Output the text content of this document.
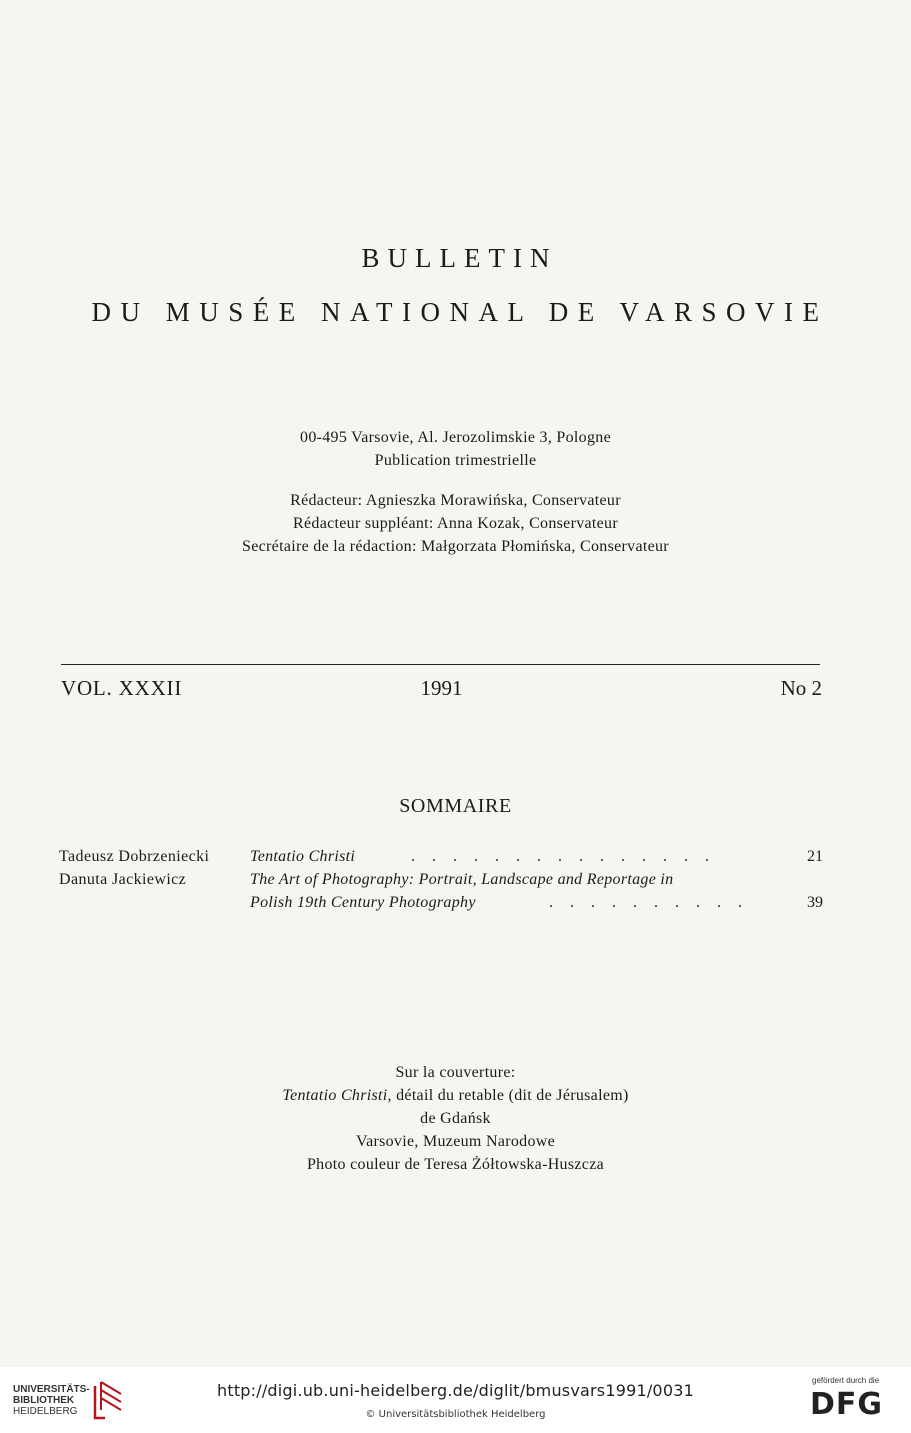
BULLETIN
DU MUSÉE NATIONAL DE VARSOVIE
00-495 Varsovie, Al. Jerozolimskie 3, Pologne
Publication trimestrielle
Rédacteur: Agnieszka Morawińska, Conservateur
Rédacteur suppléant: Anna Kozak, Conservateur
Secrétaire de la rédaction: Małgorzata Płomińska, Conservateur
VOL. XXXII	1991	No 2
SOMMAIRE
Tadeusz Dobrzeniecki	Tentatio Christi	. . . . . . . . . . . . . . .	21
Danuta Jackiewicz	The Art of Photography: Portrait, Landscape and Reportage in
Polish 19th Century Photography	. . . . . . . . . .	39
Sur la couverture:
Tentatio Christi, détail du retable (dit de Jérusalem)
de Gdańsk
Varsovie, Muzeum Narodowe
Photo couleur de Teresa Żółtowska-Huszcza
UNIVERSITÄTS-
BIBLIOTHEK
HEIDELBERG
http://digi.ub.uni-heidelberg.de/diglit/bmusvars1991/0031
© Universitätsbibliothek Heidelberg
gefördert durch die
DFG
